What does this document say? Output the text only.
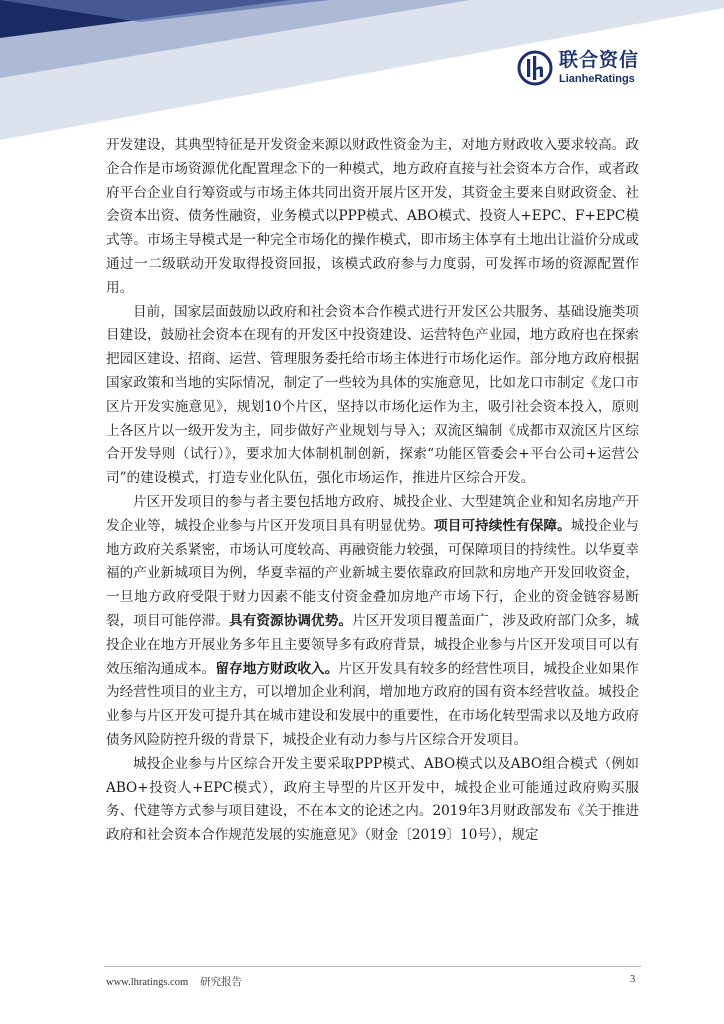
联合资信
LianheRatings

开发建设，其典型特征是开发资金来源以财政性资金为主，对地方财政收入要求较高。政企合作是市场资源优化配置理念下的一种模式，地方政府直接与社会资本方合作，或者政府平台企业自行筹资或与市场主体共同出资开展片区开发，其资金主要来自财政资金、社会资本出资、债务性融资，业务模式以PPP模式、ABO模式、投资人+EPC、F+EPC模式等。市场主导模式是一种完全市场化的操作模式，即市场主体享有土地出让溢价分成或通过一二级联动开发取得投资回报，该模式政府参与力度弱，可发挥市场的资源配置作用。

目前，国家层面鼓励以政府和社会资本合作模式进行开发区公共服务、基础设施类项目建设，鼓励社会资本在现有的开发区中投资建设、运营特色产业园，地方政府也在探索把园区建设、招商、运营、管理服务委托给市场主体进行市场化运作。部分地方政府根据国家政策和当地的实际情况，制定了一些较为具体的实施意见，比如龙口市制定《龙口市区片开发实施意见》，规划10个片区，坚持以市场化运作为主，吸引社会资本投入，原则上各区片以一级开发为主，同步做好产业规划与导入；双流区编制《成都市双流区片区综合开发导则（试行）》，要求加大体制机制创新，探索“功能区管委会+平台公司+运营公司”的建设模式，打造专业化队伍，强化市场运作，推进片区综合开发。

片区开发项目的参与者主要包括地方政府、城投企业、大型建筑企业和知名房地产开发企业等，城投企业参与片区开发项目具有明显优势。项目可持续性有保障。城投企业与地方政府关系紧密，市场认可度较高、再融资能力较强，可保障项目的持续性。以华夏幸福的产业新城项目为例，华夏幸福的产业新城主要依靠政府回款和房地产开发回收资金，一旦地方政府受限于财力因素不能支付资金叠加房地产市场下行，企业的资金链容易断裂，项目可能停滞。具有资源协调优势。片区开发项目覆盖面广，涉及政府部门众多，城投企业在地方开展业务多年且主要领导多有政府背景，城投企业参与片区开发项目可以有效压缩沟通成本。留存地方财政收入。片区开发具有较多的经营性项目，城投企业如果作为经营性项目的业主方，可以增加企业利润，增加地方政府的国有资本经营收益。城投企业参与片区开发可提升其在城市建设和发展中的重要性，在市场化转型需求以及地方政府债务风险防控升级的背景下，城投企业有动力参与片区综合开发项目。

城投企业参与片区综合开发主要采取PPP模式、ABO模式以及ABO组合模式（例如ABO+投资人+EPC模式），政府主导型的片区开发中，城投企业可能通过政府购买服务、代建等方式参与项目建设，不在本文的论述之内。2019年3月财政部发布《关于推进政府和社会资本合作规范发展的实施意见》（财金〔2019〕10号），规定

www.lhratings.com 研究报告	3
